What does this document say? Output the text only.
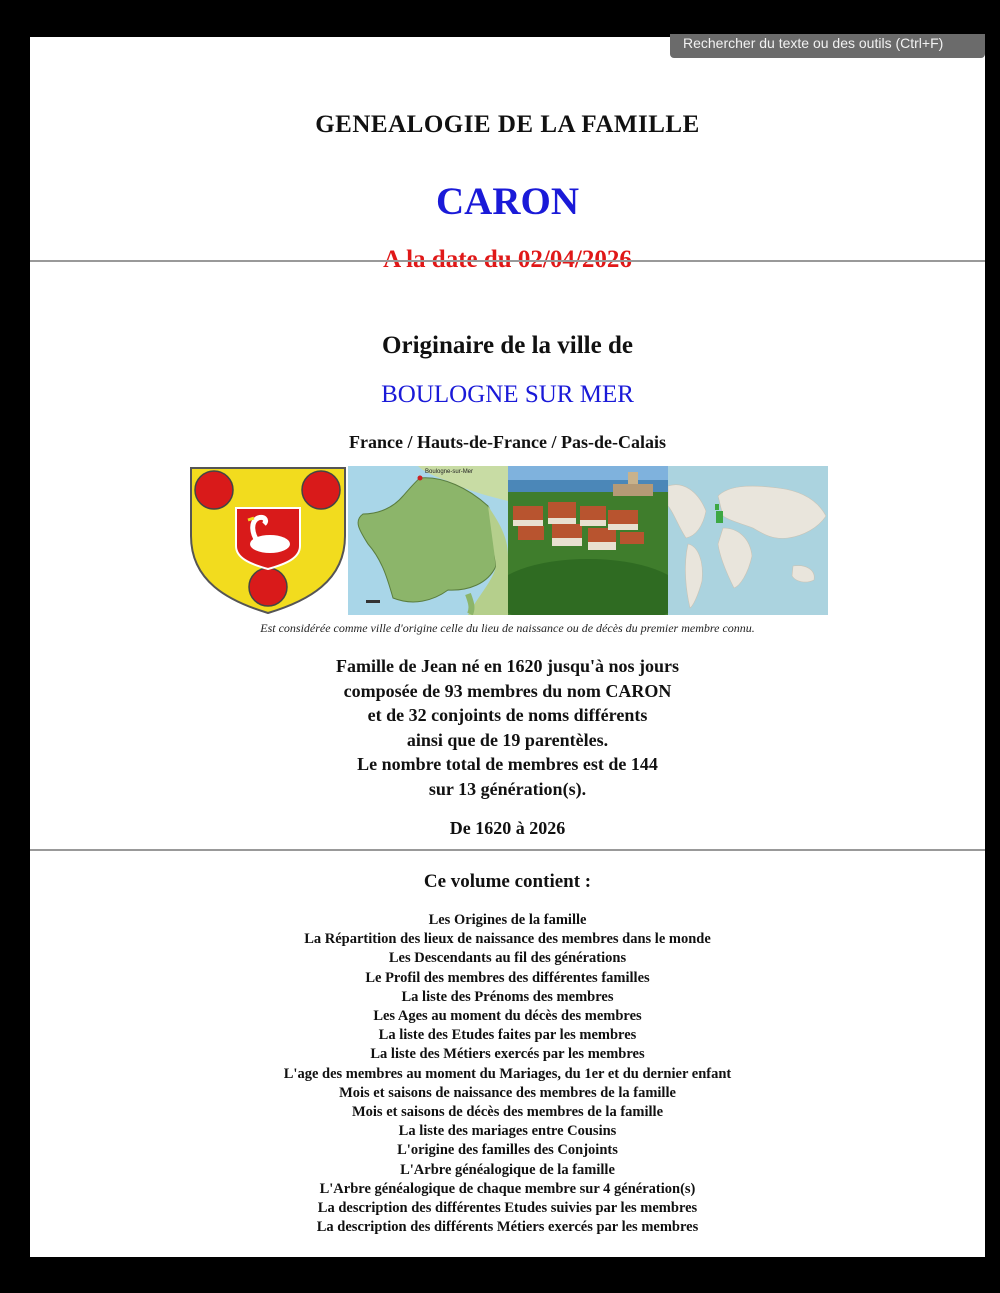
GENEALOGIE DE LA FAMILLE
CARON
A la date du 02/04/2026
Originaire de la ville de
BOULOGNE SUR MER
France / Hauts-de-France / Pas-de-Calais
Boulogne-sur-Mer
Est considérée comme ville d'origine celle du lieu de naissance ou de décès du premier membre connu.
Famille de Jean né en 1620 jusqu'à nos jours
composée de 93 membres du nom CARON
et de 32 conjoints de noms différents
ainsi que de 19 parentèles.
Le nombre total de membres est de 144
sur 13 génération(s).
De 1620 à 2026
Ce volume contient :
Les Origines de la famille
La Répartition des lieux de naissance des membres dans le monde
Les Descendants au fil des générations
Le Profil des membres des différentes familles
La liste des Prénoms des membres
Les Ages au moment du décès des membres
La liste des Etudes faites par les membres
La liste des Métiers exercés par les membres
L'age des membres au moment du Mariages, du 1er et du dernier enfant
Mois et saisons de naissance des membres de la famille
Mois et saisons de décès des membres de la famille
La liste des mariages entre Cousins
L'origine des familles des Conjoints
L'Arbre généalogique de la famille
L'Arbre généalogique de chaque membre sur 4 génération(s)
La description des différentes Etudes suivies par les membres
La description des différents Métiers exercés par les membres
Rechercher du texte ou des outils (Ctrl+F)
